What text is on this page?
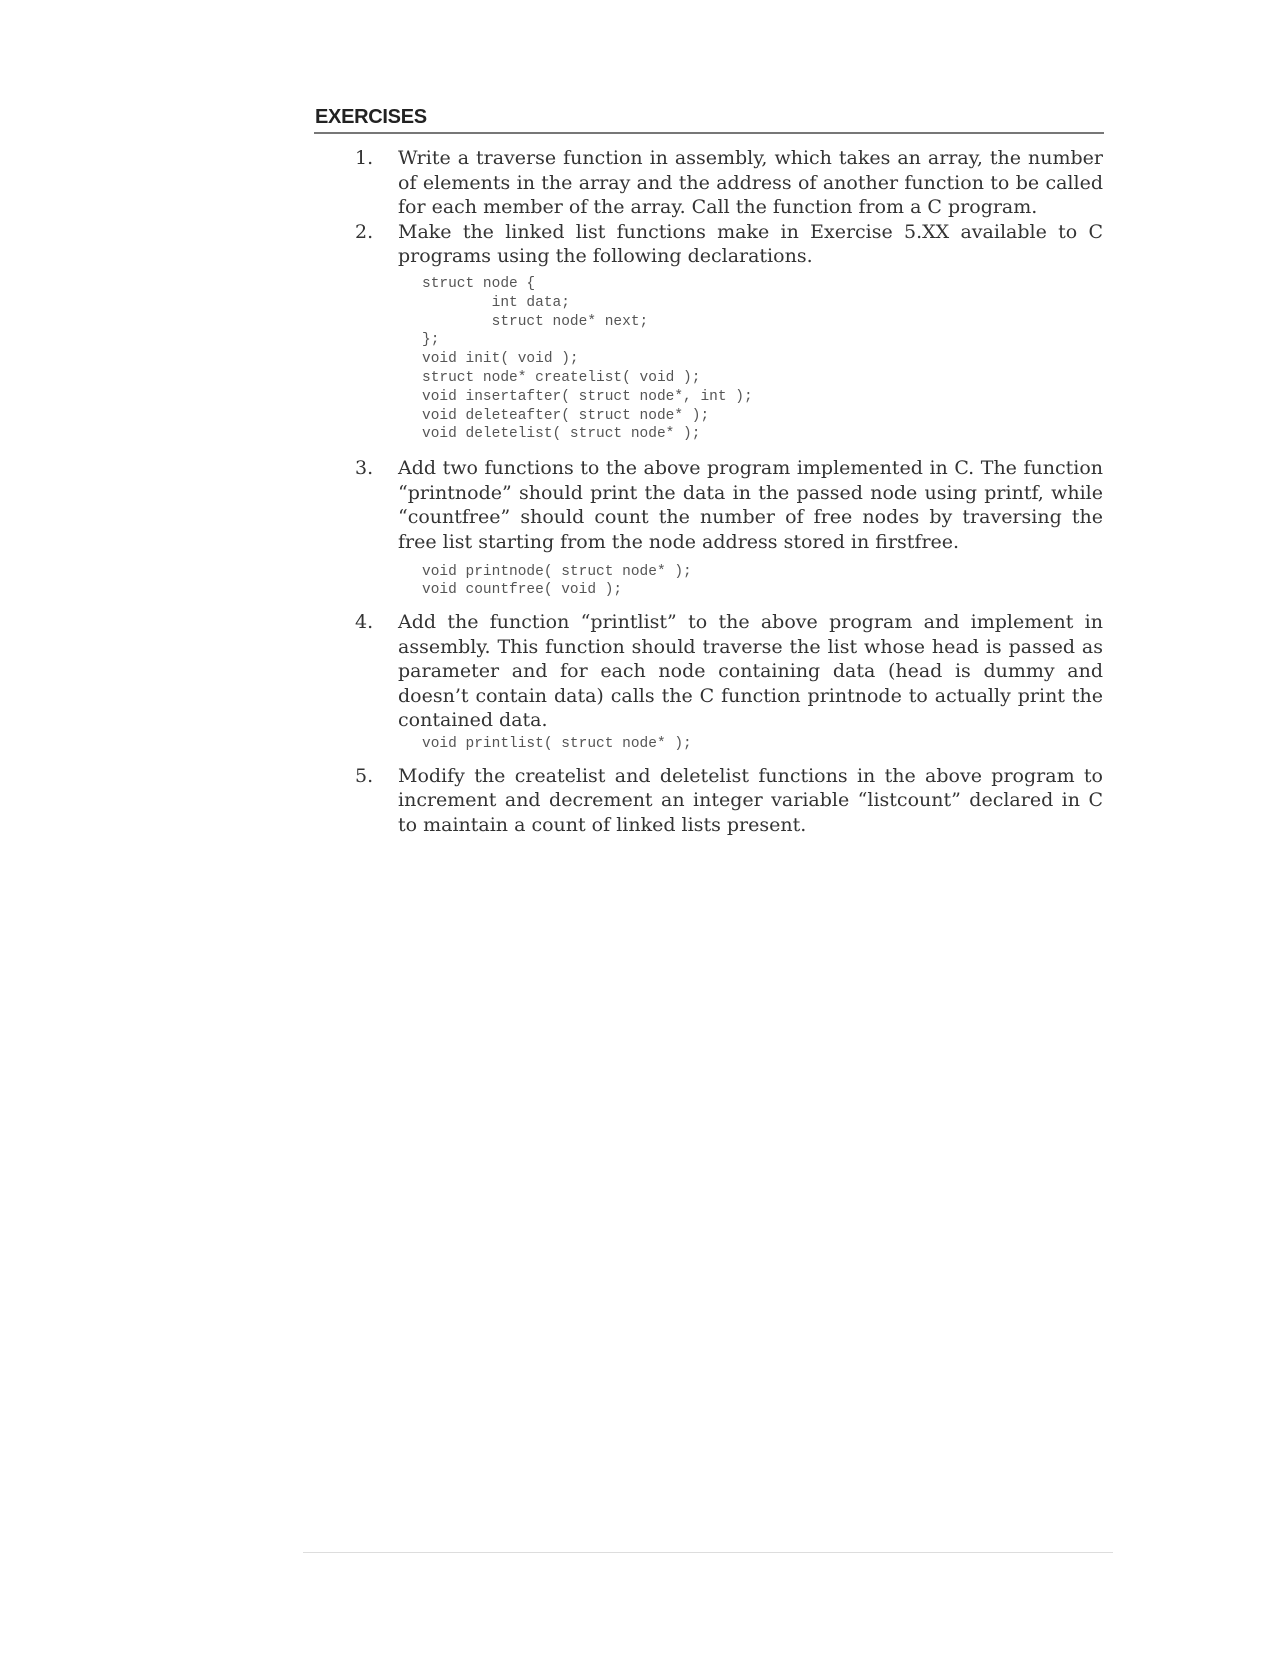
EXERCISES
1.	Write a traverse function in assembly, which takes an array, the number of elements in the array and the address of another function to be called for each member of the array. Call the function from a C program.
2.	Make the linked list functions make in Exercise 5.XX available to C programs using the following declarations.
struct node {
int data;
struct node* next;
};
void init( void );
struct node* createlist( void );
void insertafter( struct node*, int );
void deleteafter( struct node* );
void deletelist( struct node* );
3.	Add two functions to the above program implemented in C. The function “printnode” should print the data in the passed node using printf, while “countfree” should count the number of free nodes by traversing the free list starting from the node address stored in firstfree.
void printnode( struct node* );
void countfree( void );
4.	Add the function “printlist” to the above program and implement in assembly. This function should traverse the list whose head is passed as parameter and for each node containing data (head is dummy and doesn’t contain data) calls the C function printnode to actually print the contained data.
void printlist( struct node* );
5.	Modify the createlist and deletelist functions in the above program to increment and decrement an integer variable “listcount” declared in C to maintain a count of linked lists present.
